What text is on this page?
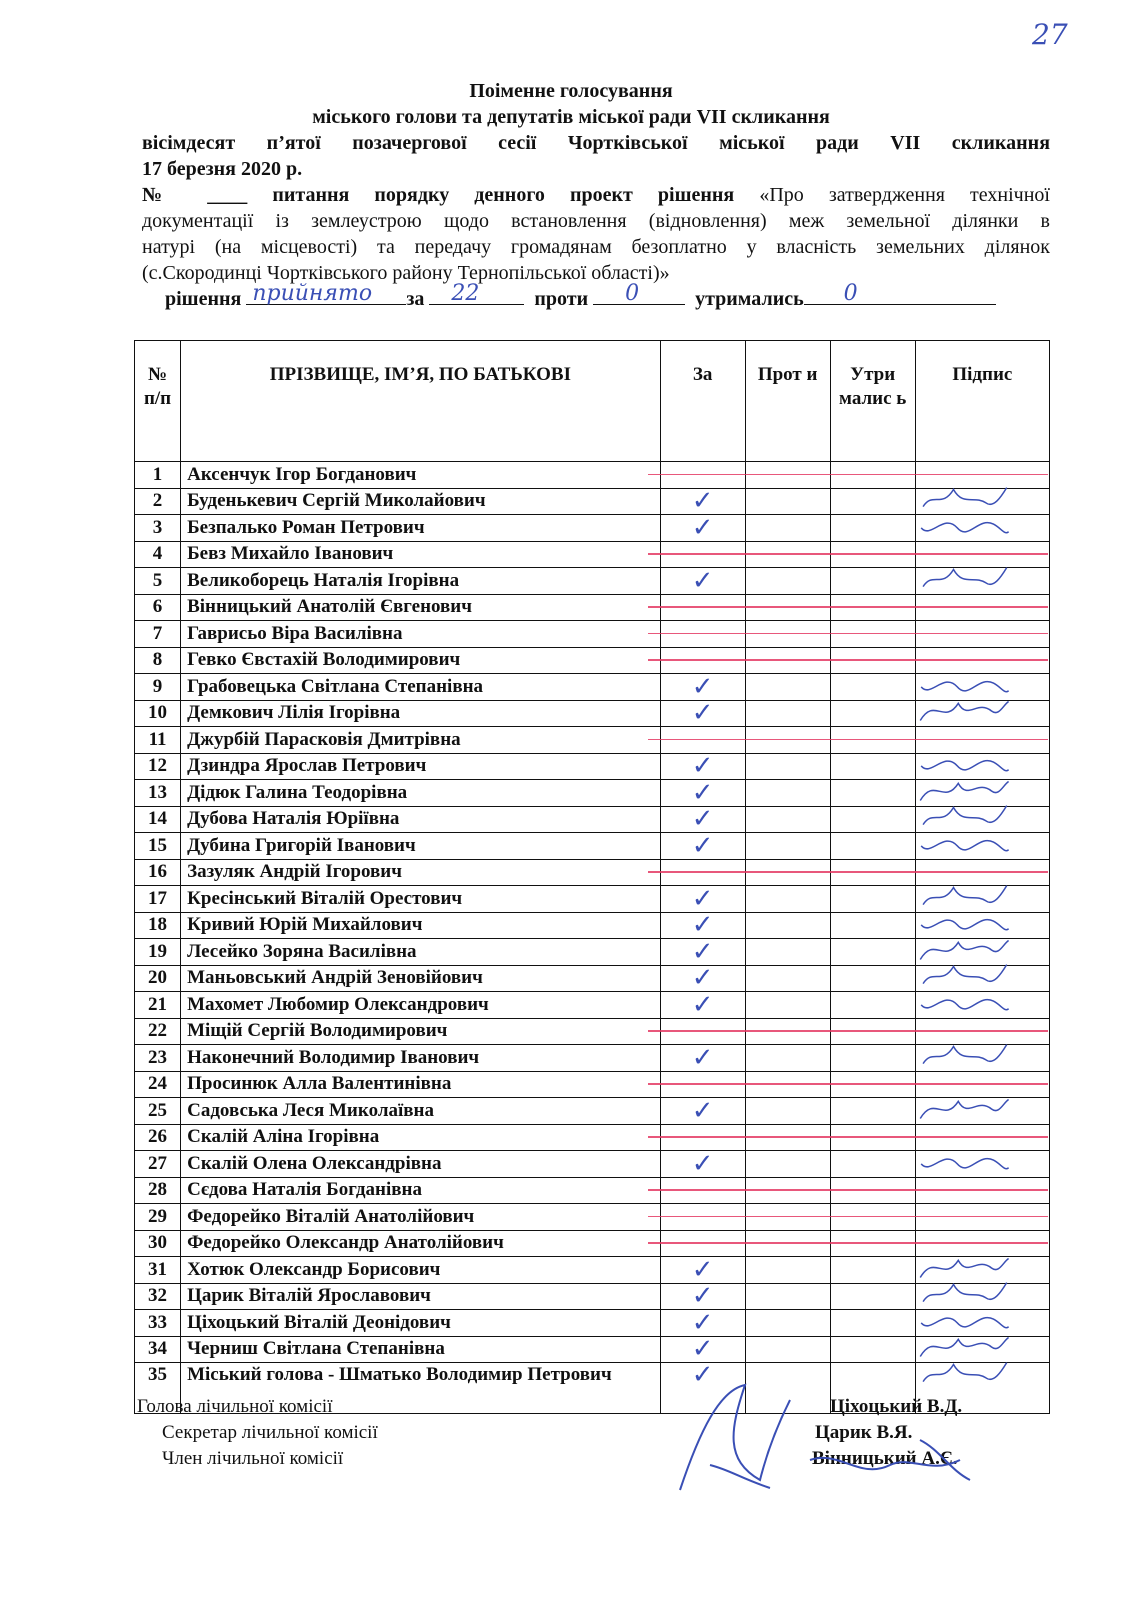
27
Поіменне голосування
міського голови та депутатів міської ради VII скликання
вісімдесят п’ятої позачергової сесії Чортківської міської ради VII скликання
17 березня 2020 р.
№ ____ питання порядку денного проект рішення «Про затвердження технічної
документації із землеустрою щодо встановлення (відновлення) меж земельної ділянки в
натурі (на місцевості) та передачу громадянам безоплатно у власність земельних ділянок
(с.Скородинці Чортківського району Тернопільської області)»
рішення прийнято за 22	проти 0	утримались 0
№ п/п	ПРІЗВИЩЕ, ІМ’Я, ПО БАТЬКОВІ	За	Прот и	Утри малис ь	Підпис
1	Аксенчук Ігор Богданович				
2	Буденькевич Сергій Миколайович	✓			
3	Безпалько Роман Петрович	✓			
4	Бевз Михайло Іванович				
5	Великоборець Наталія Ігорівна	✓			
6	Вінницький Анатолій Євгенович				
7	Гаврисьо Віра Василівна				
8	Гевко Євстахій Володимирович				
9	Грабовецька Світлана Степанівна	✓			
10	Демкович Лілія Ігорівна	✓			
11	Джурбій Парасковія Дмитрівна				
12	Дзиндра Ярослав Петрович	✓			
13	Дідюк Галина Теодорівна	✓			
14	Дубова Наталія Юріївна	✓			
15	Дубина Григорій Іванович	✓			
16	Зазуляк Андрій Ігорович				
17	Кресінський Віталій Орестович	✓			
18	Кривий Юрій Михайлович	✓			
19	Лесейко Зоряна Василівна	✓			
20	Маньовський Андрій Зеновійович	✓			
21	Махомет Любомир Олександрович	✓			
22	Міщій Сергій Володимирович				
23	Наконечний Володимир Іванович	✓			
24	Просинюк Алла Валентинівна				
25	Садовська Леся Миколаївна	✓			
26	Скалій Аліна Ігорівна				
27	Скалій Олена Олександрівна	✓			
28	Сєдова Наталія Богданівна				
29	Федорейко Віталій Анатолійович				
30	Федорейко Олександр Анатолійович				
31	Хотюк Олександр Борисович	✓			
32	Царик Віталій Ярославович	✓			
33	Ціхоцький Віталій Деонідович	✓			
34	Черниш Світлана Степанівна	✓			
35	Міський голова - Шматько Володимир Петрович	✓			
Голова лічильної комісії	Ціхоцький В.Д.
Секретар лічильної комісії	Царик В.Я.
Член лічильної комісії	Вінницький А.Є.
